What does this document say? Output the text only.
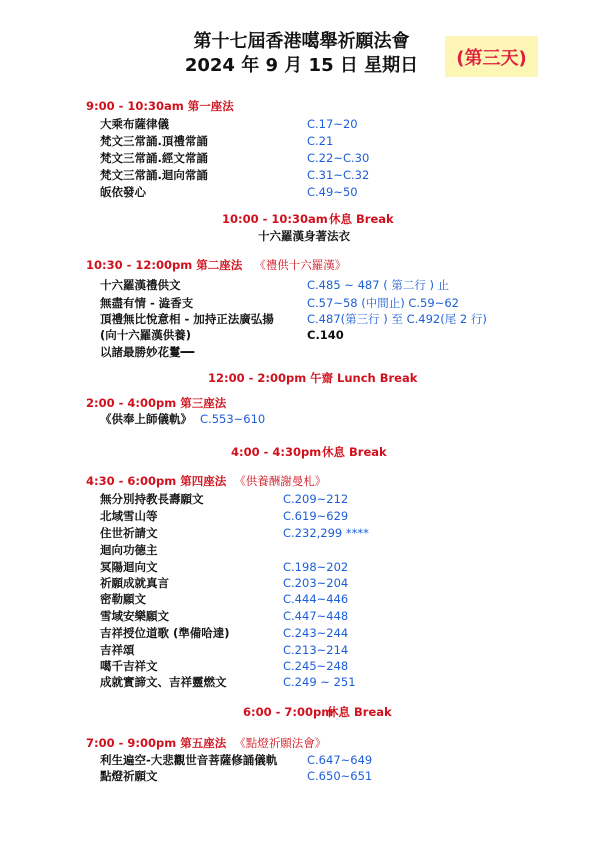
第十七屆香港噶舉祈願法會
2024 年 9 月 15 日 星期日	(第三天)
9:00 - 10:30am 第一座法
大乘布薩律儀	C.17~20
梵文三常誦.頂禮常誦	C.21
梵文三常誦.經文常誦	C.22~C.30
梵文三常誦.迴向常誦	C.31~C.32
皈依發心	C.49~50
10:00 - 10:30am 休息 Break
十六羅漢身著法衣
10:30 - 12:00pm 第二座法 《禮供十六羅漢》
十六羅漢禮供文	C.485 ~ 487 ( 第二行 ) 止
無盡有情 - 澁香支	C.57~58 (中間止) C.59~62
頂禮無比悅意相 - 加持正法廣弘揚	C.487(第三行 ) 至 C.492(尾 2 行)
(向十六羅漢供養)	C.140
以諸最勝妙花鬘━━
12:00 - 2:00pm 午齋 Lunch Break
2:00 - 4:00pm 第三座法
《供奉上師儀軌》 C.553~610
4:00 - 4:30pm 休息 Break
4:30 - 6:00pm 第四座法 《供養酬謝曼札》
無分別持教長壽願文	C.209~212
北域雪山等	C.619~629
住世祈請文	C.232,299 ****
迴向功德主
冥陽迴向文	C.198~202
祈願成就真言	C.203~204
密勒願文	C.444~446
雪域安樂願文	C.447~448
吉祥授位道歌 (準備哈達)	C.243~244
吉祥頌	C.213~214
噶千吉祥文	C.245~248
成就實諦文、吉祥靈燃文	C.249 ~ 251
6:00 - 7:00pm
休息 Break
7:00 - 9:00pm 第五座法 《點燈祈願法會》
利生遍空-大悲觀世音菩薩修誦儀軌	C.647~649
點燈祈願文	C.650~651
